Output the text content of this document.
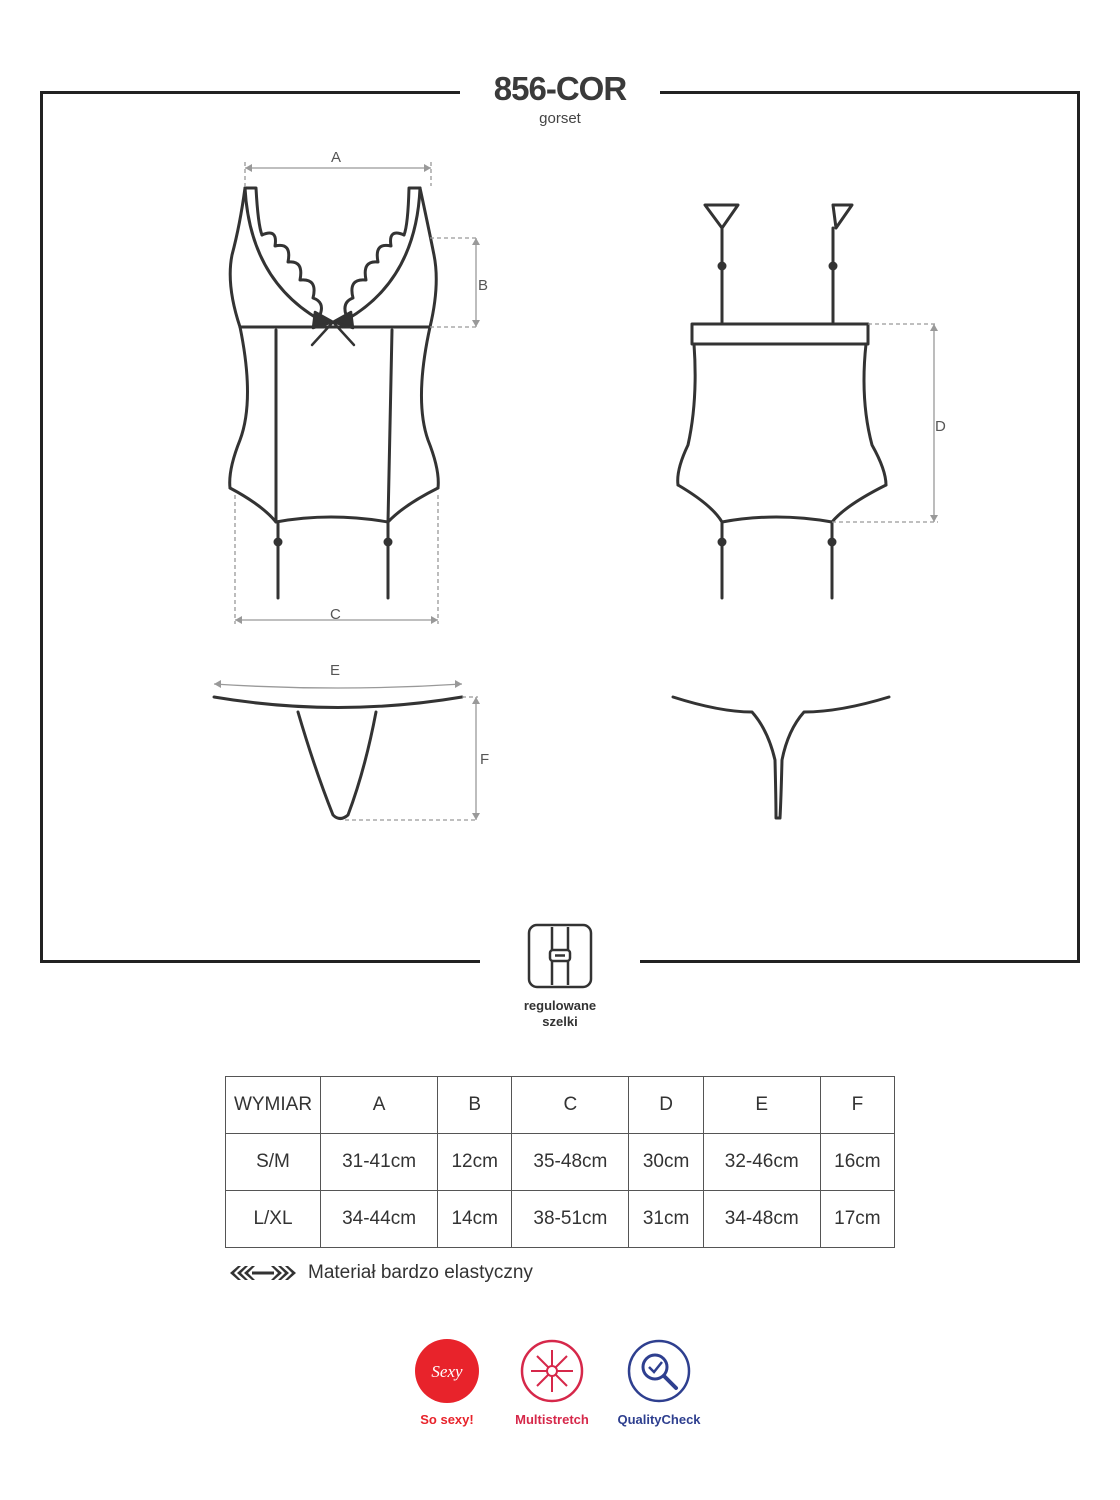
856-COR
gorset
A
B
C
D
E
F
regulowane
szelki
WYMIAR	A	B	C	D	E	F
S/M	31-41cm	12cm	35-48cm	30cm	32-46cm	16cm
L/XL	34-44cm	14cm	38-51cm	31cm	34-48cm	17cm
Materiał bardzo elastyczny
Sexy
So sexy!	Multistretch	QualityCheck
